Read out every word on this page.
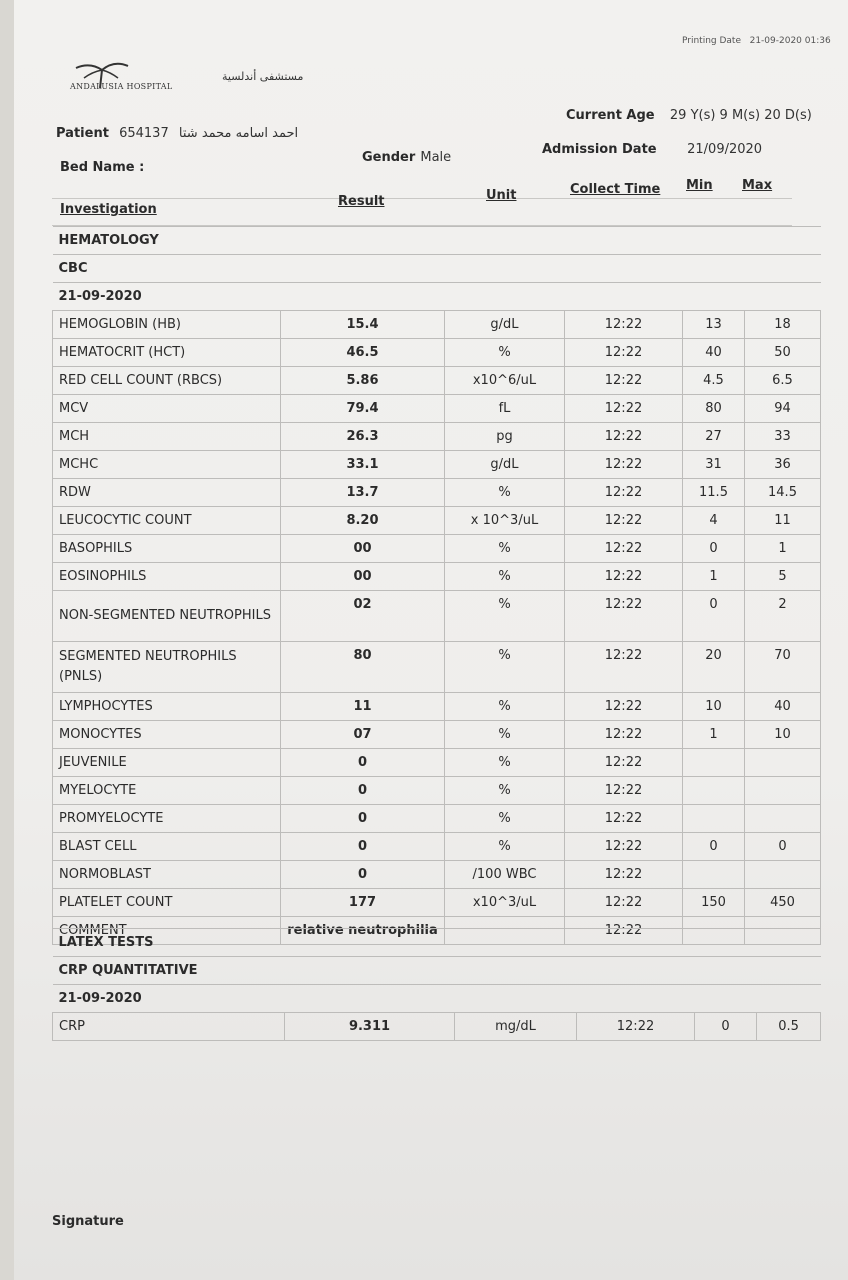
Printing Date 21-09-2020 01:36
ANDALUSIA HOSPITAL
مستشفى أندلسية
Patient 654137 احمد اسامه محمد شتا
Current Age 29 Y(s) 9 M(s) 20 D(s)
Bed Name :
Gender Male
Admission Date 21/09/2020
Investigation
Result	Unit	Collect Time Min Max
HEMATOLOGY					
CBC					
21-09-2020					
HEMOGLOBIN (HB)	15.4	g/dL	12:22	13	18
HEMATOCRIT (HCT)	46.5	%	12:22	40	50
RED CELL COUNT (RBCS)	5.86	x10^6/uL	12:22	4.5	6.5
MCV	79.4	fL	12:22	80	94
MCH	26.3	pg	12:22	27	33
MCHC	33.1	g/dL	12:22	31	36
RDW	13.7	%	12:22	11.5	14.5
LEUCOCYTIC COUNT	8.20	x 10^3/uL	12:22	4	11
BASOPHILS	00	%	12:22	0	1
EOSINOPHILS	00	%	12:22	1	5
NON-SEGMENTED NEUTROPHILS	02	%	12:22	0	2
SEGMENTED NEUTROPHILS (PNLS)	80	%	12:22	20	70
LYMPHOCYTES	11	%	12:22	10	40
MONOCYTES	07	%	12:22	1	10
JEUVENILE	0	%	12:22		
MYELOCYTE	0	%	12:22		
PROMYELOCYTE	0	%	12:22		
BLAST CELL	0	%	12:22	0	0
NORMOBLAST	0	/100 WBC	12:22		
PLATELET COUNT	177	x10^3/uL	12:22	150	450
COMMENT	relative neutrophilia		12:22		
LATEX TESTS
CRP QUANTITATIVE
21-09-2020
CRP	9.311	mg/dL	12:22	0	0.5
Signature
